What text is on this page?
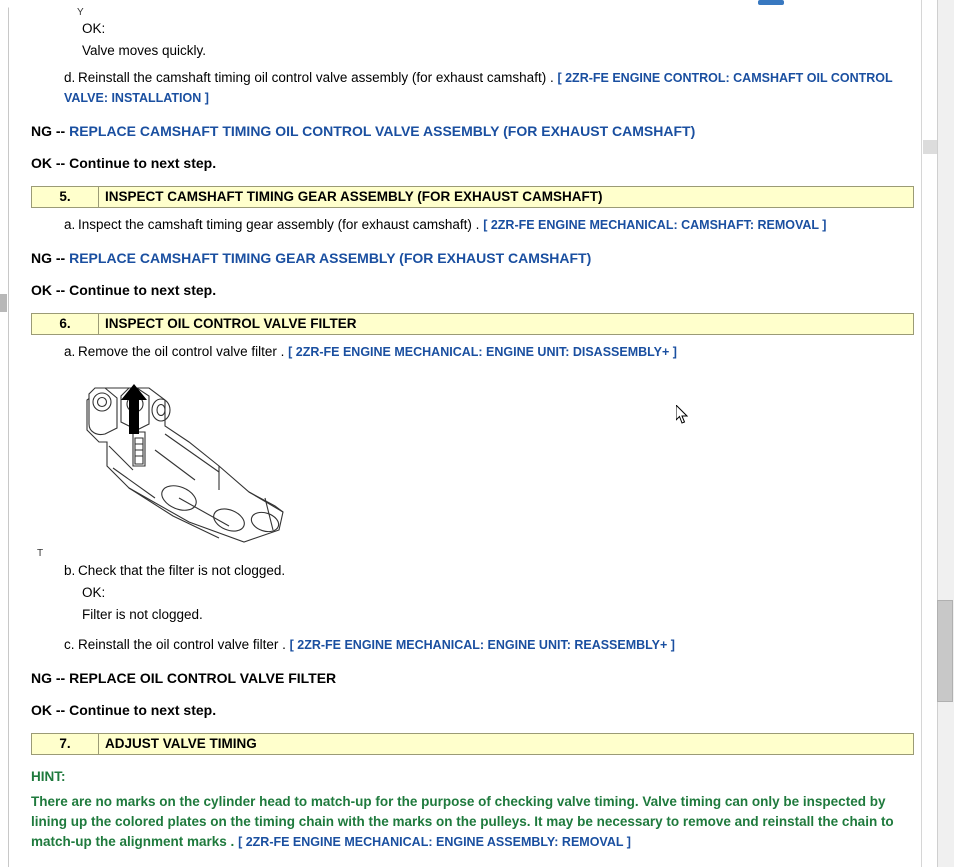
Y
OK:
Valve moves quickly.
d. Reinstall the camshaft timing oil control valve assembly (for exhaust camshaft) . [ 2ZR-FE ENGINE CONTROL: CAMSHAFT OIL CONTROL VALVE: INSTALLATION ]
NG -- REPLACE CAMSHAFT TIMING OIL CONTROL VALVE ASSEMBLY (FOR EXHAUST CAMSHAFT)
OK -- Continue to next step.
5.	INSPECT CAMSHAFT TIMING GEAR ASSEMBLY (FOR EXHAUST CAMSHAFT)
a. Inspect the camshaft timing gear assembly (for exhaust camshaft) . [ 2ZR-FE ENGINE MECHANICAL: CAMSHAFT: REMOVAL ]
NG -- REPLACE CAMSHAFT TIMING GEAR ASSEMBLY (FOR EXHAUST CAMSHAFT)
OK -- Continue to next step.
6.	INSPECT OIL CONTROL VALVE FILTER
a. Remove the oil control valve filter . [ 2ZR-FE ENGINE MECHANICAL: ENGINE UNIT: DISASSEMBLY+ ]
T
b. Check that the filter is not clogged.
OK:
Filter is not clogged.
c. Reinstall the oil control valve filter . [ 2ZR-FE ENGINE MECHANICAL: ENGINE UNIT: REASSEMBLY+ ]
NG -- REPLACE OIL CONTROL VALVE FILTER
OK -- Continue to next step.
7.	ADJUST VALVE TIMING
HINT:
There are no marks on the cylinder head to match-up for the purpose of checking valve timing. Valve timing can only be inspected by lining up the colored plates on the timing chain with the marks on the pulleys. It may be necessary to remove and reinstall the chain to match-up the alignment marks . [ 2ZR-FE ENGINE MECHANICAL: ENGINE ASSEMBLY: REMOVAL ]
